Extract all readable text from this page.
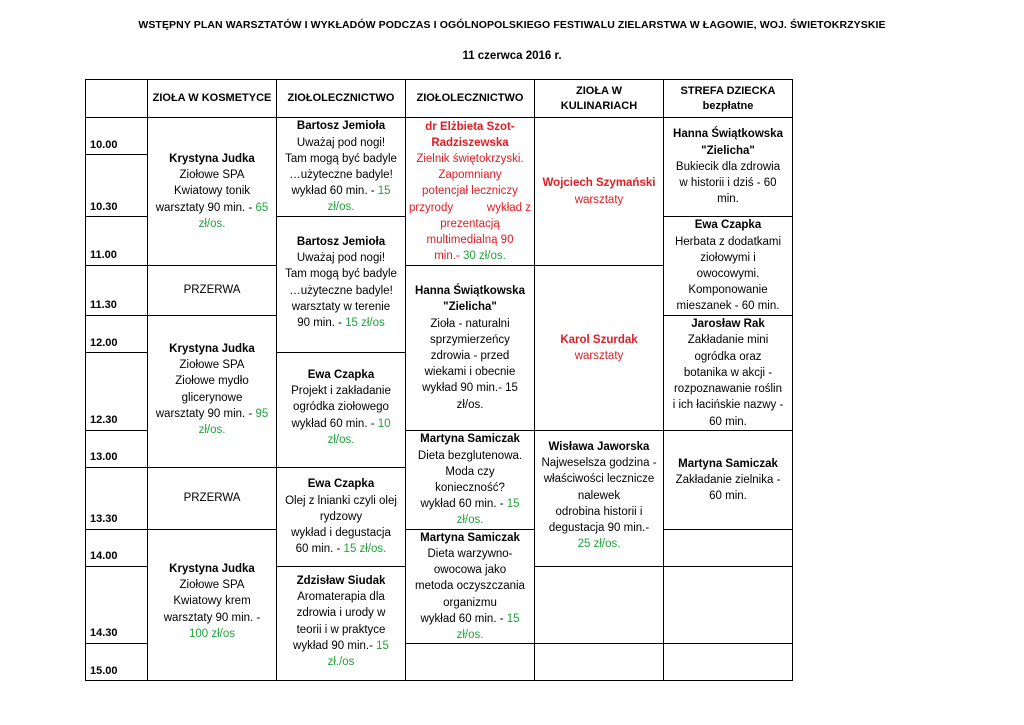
WSTĘPNY PLAN WARSZTATÓW I WYKŁADÓW PODCZAS I OGÓLNOPOLSKIEGO FESTIWALU ZIELARSTWA W ŁAGOWIE, WOJ. ŚWIETOKRZYSKIE
11 czerwca 2016 r.
ZIOŁA W KOSMETYCE ZIOŁOLECZNICTWO ZIOŁOLECZNICTWO
ZIOŁA W
KULINARIACH
STREFA DZIECKA
bezpłatne
10.00
10.30
11.00
11.30
12.00
12.30
13.00
13.30
14.00
14.30
15.00
Krystyna Judka
Ziołowe SPA
Kwiatowy tonik
warsztaty 90 min. - 65
zł/os.
PRZERWA
Krystyna Judka
Ziołowe SPA
Ziołowe mydło
glicerynowe
warsztaty 90 min. - 95
zł/os.
PRZERWA
Krystyna Judka
Ziołowe SPA
Kwiatowy krem
warsztaty 90 min. -
100 zł/os
Bartosz Jemioła
Uważaj pod nogi!
Tam mogą być badyle
…użyteczne badyle!
wykład 60 min. - 15
zł/os.
Bartosz Jemioła
Uważaj pod nogi!
Tam mogą być badyle
…użyteczne badyle!
warsztaty w terenie
90 min. - 15 zł/os
Ewa Czapka
Projekt i zakładanie
ogródka ziołowego
wykład 60 min. - 10
zł/os.
Ewa Czapka
Olej z lnianki czyli olej
rydzowy
wykład i degustacja
60 min. - 15 zł/os.
Zdzisław Siudak
Aromaterapia dla
zdrowia i urody w
teorii i w praktyce
wykład 90 min.- 15
zł./os
dr Elżbieta Szot-
Radziszewska
Zielnik świętokrzyski.
Zapomniany
potencjał leczniczy
przyrody	wykład z
prezentacją
multimedialną 90
min.- 30 zł/os.
Hanna Świątkowska
"Zielicha"
Zioła - naturalni
sprzymierzeńcy
zdrowia - przed
wiekami i obecnie
wykład 90 min.- 15
zł/os.
Martyna Samiczak
Dieta bezglutenowa.
Moda czy
konieczność?
wykład 60 min. - 15
zł/os.
Martyna Samiczak
Dieta warzywno-
owocowa jako
metoda oczyszczania
organizmu
wykład 60 min. - 15
zł/os.
Wojciech Szymański
warsztaty
Karol Szurdak
warsztaty
Wisława Jaworska
Najweselsza godzina -
właściwości lecznicze
nalewek
odrobina historii i
degustacja 90 min.-
25 zł/os.
Hanna Świątkowska
"Zielicha"
Bukiecik dla zdrowia
w historii i dziś - 60
min.
Ewa Czapka
Herbata z dodatkami
ziołowymi i
owocowymi.
Komponowanie
mieszanek - 60 min.
Jarosław Rak
Zakładanie mini
ogródka oraz
botanika w akcji -
rozpoznawanie roślin
i ich łacińskie nazwy -
60 min.
Martyna Samiczak
Zakładanie zielnika -
60 min.
